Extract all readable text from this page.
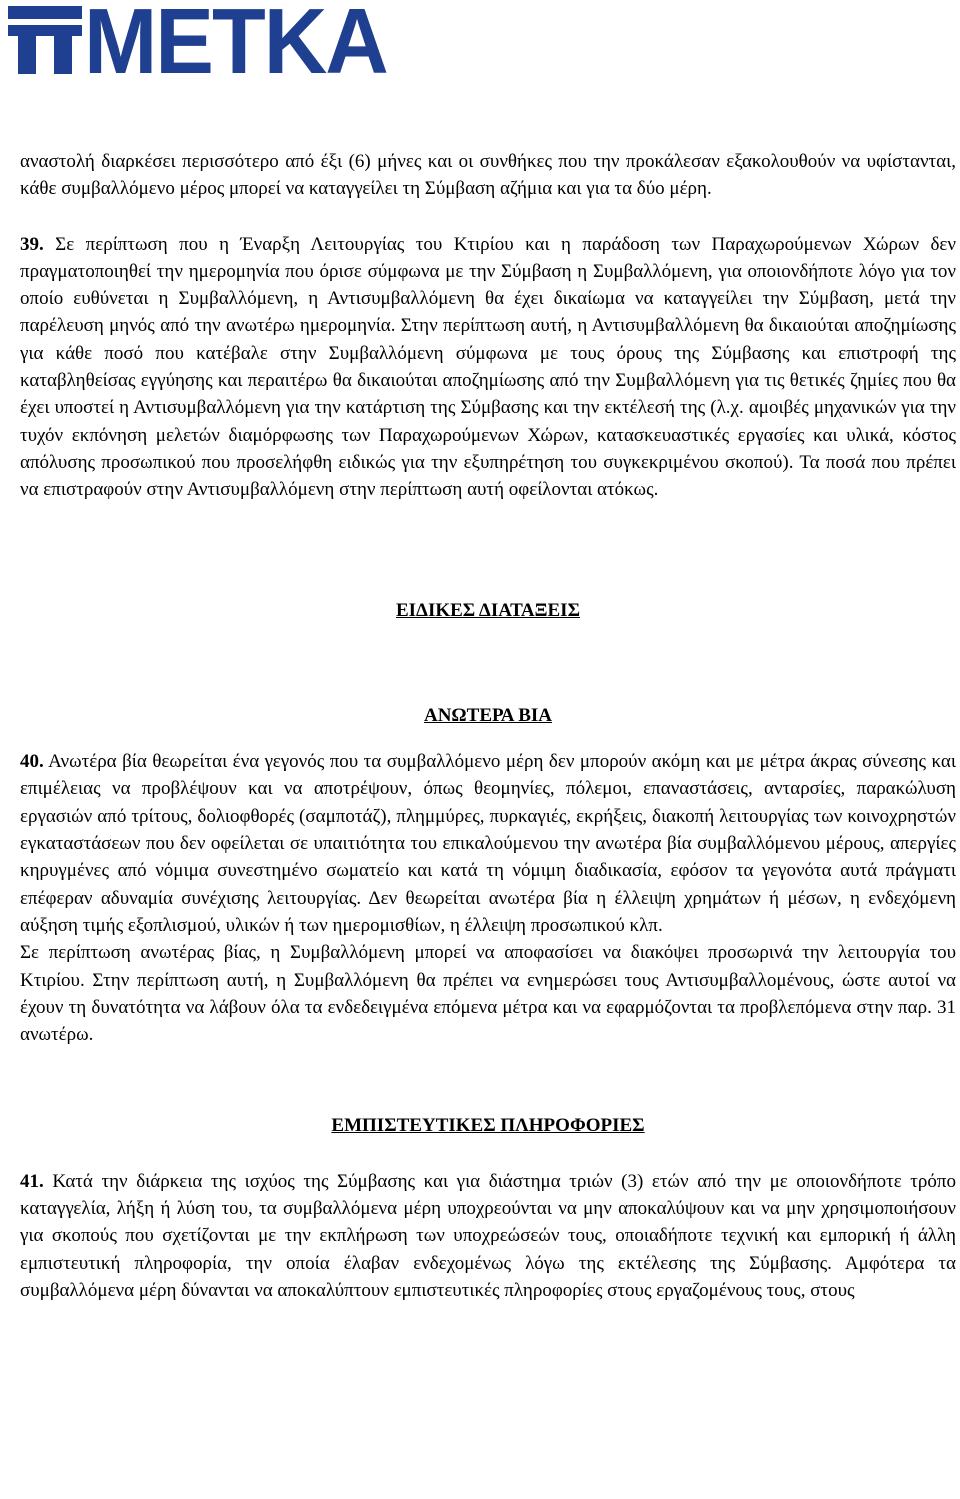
METKA

αναστολή διαρκέσει περισσότερο από έξι (6) μήνες και οι συνθήκες που την προκάλεσαν εξακολουθούν να υφίστανται, κάθε συμβαλλόμενο μέρος μπορεί να καταγγείλει τη Σύμβαση αζήμια και για τα δύο μέρη.

39. Σε περίπτωση που η Έναρξη Λειτουργίας του Κτιρίου και η παράδοση των Παραχωρούμενων Χώρων δεν πραγματοποιηθεί την ημερομηνία που όρισε σύμφωνα με την Σύμβαση η Συμβαλλόμενη, για οποιονδήποτε λόγο για τον οποίο ευθύνεται η Συμβαλλόμενη, η Αντισυμβαλλόμενη θα έχει δικαίωμα να καταγγείλει την Σύμβαση, μετά την παρέλευση μηνός από την ανωτέρω ημερομηνία. Στην περίπτωση αυτή, η Αντισυμβαλλόμενη θα δικαιούται αποζημίωσης για κάθε ποσό που κατέβαλε στην Συμβαλλόμενη σύμφωνα με τους όρους της Σύμβασης και επιστροφή της καταβληθείσας εγγύησης και περαιτέρω θα δικαιούται αποζημίωσης από την Συμβαλλόμενη για τις θετικές ζημίες που θα έχει υποστεί η Αντισυμβαλλόμενη για την κατάρτιση της Σύμβασης και την εκτέλεσή της (λ.χ. αμοιβές μηχανικών για την τυχόν εκπόνηση μελετών διαμόρφωσης των Παραχωρούμενων Χώρων, κατασκευαστικές εργασίες και υλικά, κόστος απόλυσης προσωπικού που προσελήφθη ειδικώς για την εξυπηρέτηση του συγκεκριμένου σκοπού). Τα ποσά που πρέπει να επιστραφούν στην Αντισυμβαλλόμενη στην περίπτωση αυτή οφείλονται ατόκως.

ΕΙΔΙΚΕΣ ΔΙΑΤΑΞΕΙΣ

ΑΝΩΤΕΡΑ ΒΙΑ

40. Ανωτέρα βία θεωρείται ένα γεγονός που τα συμβαλλόμενο μέρη δεν μπορούν ακόμη και με μέτρα άκρας σύνεσης και επιμέλειας να προβλέψουν και να αποτρέψουν, όπως θεομηνίες, πόλεμοι, επαναστάσεις, ανταρσίες, παρακώλυση εργασιών από τρίτους, δολιοφθορές (σαμποτάζ), πλημμύρες, πυρκαγιές, εκρήξεις, διακοπή λειτουργίας των κοινοχρηστών εγκαταστάσεων που δεν οφείλεται σε υπαιτιότητα του επικαλούμενου την ανωτέρα βία συμβαλλόμενου μέρους, απεργίες κηρυγμένες από νόμιμα συνεστημένο σωματείο και κατά τη νόμιμη διαδικασία, εφόσον τα γεγονότα αυτά πράγματι επέφεραν αδυναμία συνέχισης λειτουργίας. Δεν θεωρείται ανωτέρα βία η έλλειψη χρημάτων ή μέσων, η ενδεχόμενη αύξηση τιμής εξοπλισμού, υλικών ή των ημερομισθίων, η έλλειψη προσωπικού κλπ.

Σε περίπτωση ανωτέρας βίας, η Συμβαλλόμενη μπορεί να αποφασίσει να διακόψει προσωρινά την λειτουργία του Κτιρίου. Στην περίπτωση αυτή, η Συμβαλλόμενη θα πρέπει να ενημερώσει τους Αντισυμβαλλομένους, ώστε αυτοί να έχουν τη δυνατότητα να λάβουν όλα τα ενδεδειγμένα επόμενα μέτρα και να εφαρμόζονται τα προβλεπόμενα στην παρ. 31 ανωτέρω.

ΕΜΠΙΣΤΕΥΤΙΚΕΣ ΠΛΗΡΟΦΟΡΙΕΣ

41. Κατά την διάρκεια της ισχύος της Σύμβασης και για διάστημα τριών (3) ετών από την με οποιονδήποτε τρόπο καταγγελία, λήξη ή λύση του, τα συμβαλλόμενα μέρη υποχρεούνται να μην αποκαλύψουν και να μην χρησιμοποιήσουν για σκοπούς που σχετίζονται με την εκπλήρωση των υποχρεώσεών τους, οποιαδήποτε τεχνική και εμπορική ή άλλη εμπιστευτική πληροφορία, την οποία έλαβαν ενδεχομένως λόγω της εκτέλεσης της Σύμβασης. Αμφότερα τα συμβαλλόμενα μέρη δύνανται να αποκαλύπτουν εμπιστευτικές πληροφορίες στους εργαζομένους τους, στους
